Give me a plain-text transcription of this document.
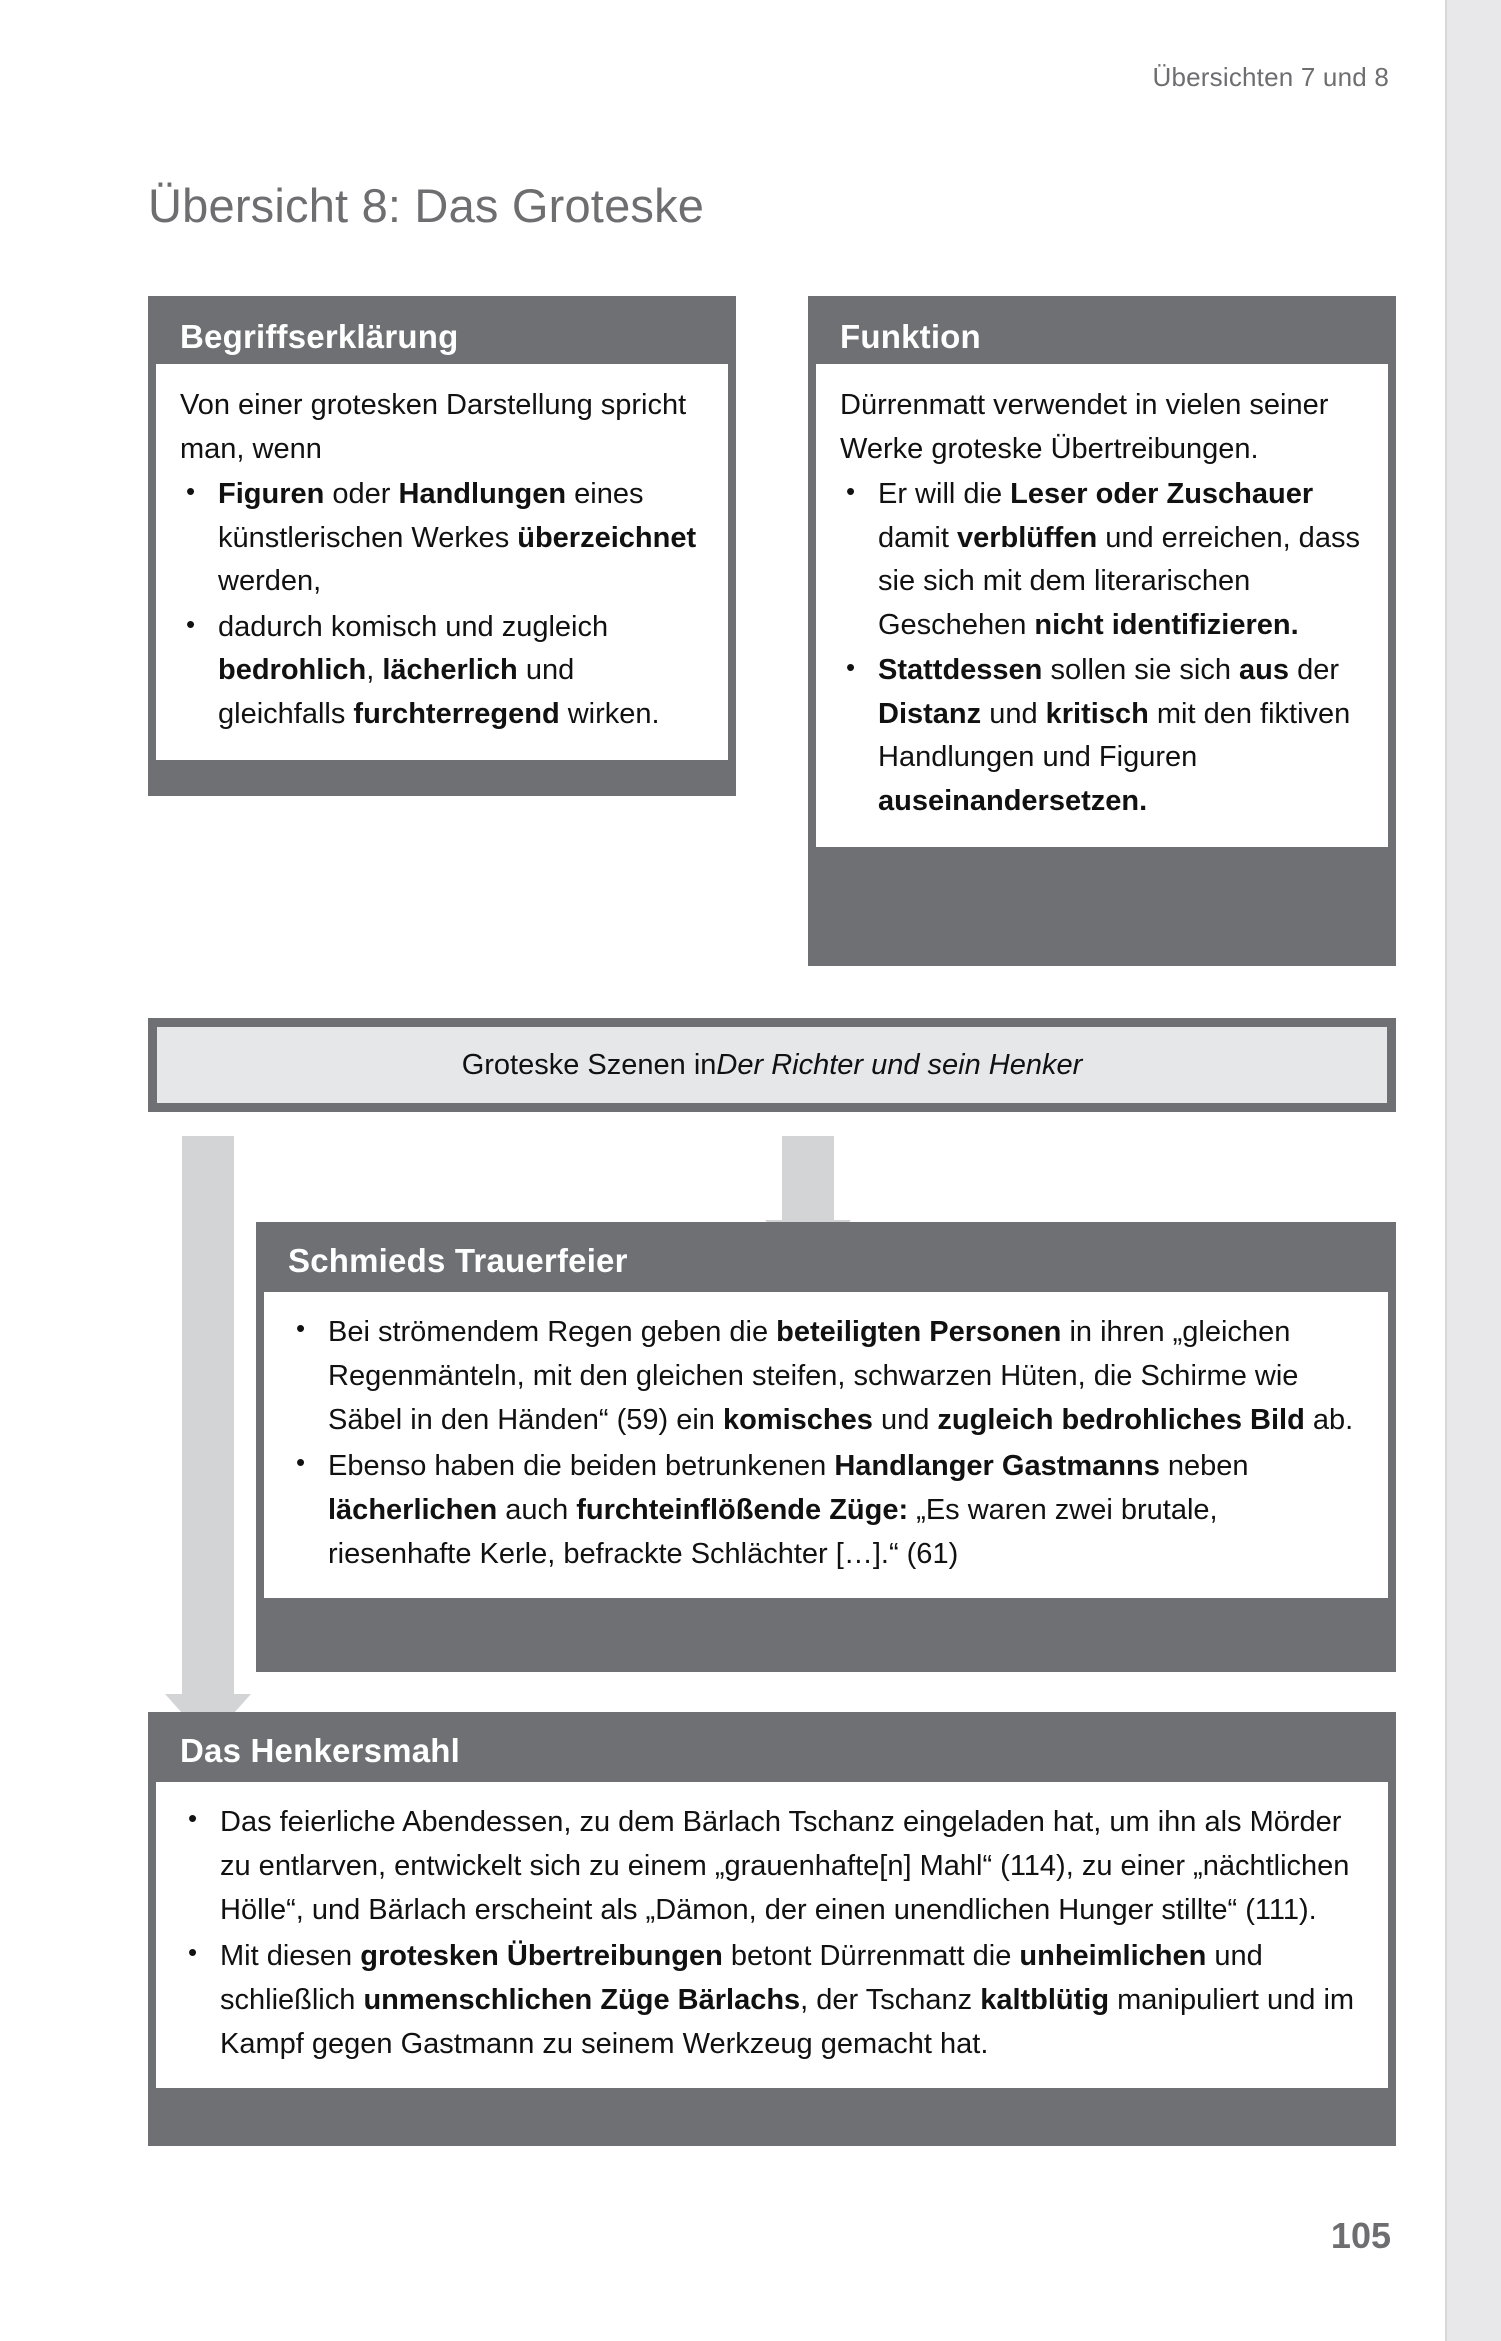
Übersichten 7 und 8
Übersicht 8: Das Groteske
Begriffserklärung

Von einer grotesken Darstellung spricht man, wenn

• Figuren oder Handlungen eines künstlerischen Werkes überzeichnet werden,
• dadurch komisch und zugleich bedrohlich, lächerlich und gleichfalls furchterregend wirken.
Funktion

Dürrenmatt verwendet in vielen seiner Werke groteske Übertreibungen.

• Er will die Leser oder Zuschauer damit verblüffen und erreichen, dass sie sich mit dem literarischen Geschehen nicht identifizieren.
• Stattdessen sollen sie sich aus der Distanz und kritisch mit den fiktiven Handlungen und Figuren auseinandersetzen.
Groteske Szenen in Der Richter und sein Henker
Schmieds Trauerfeier
• Bei strömendem Regen geben die beteiligten Personen in ihren „gleichen Regenmänteln, mit den gleichen steifen, schwarzen Hüten, die Schirme wie Säbel in den Händen“ (59) ein komisches und zugleich bedrohliches Bild ab.
• Ebenso haben die beiden betrunkenen Handlanger Gastmanns neben lächerlichen auch furchteinflößende Züge: „Es waren zwei brutale, riesenhafte Kerle, befrackte Schlächter […].“ (61)
Das Henkersmahl
• Das feierliche Abendessen, zu dem Bärlach Tschanz eingeladen hat, um ihn als Mörder zu entlarven, entwickelt sich zu einem „grauenhafte[n] Mahl“ (114), zu einer „nächtlichen Hölle“, und Bärlach erscheint als „Dämon, der einen unendlichen Hunger stillte“ (111).
• Mit diesen grotesken Übertreibungen betont Dürrenmatt die unheimlichen und schließlich unmenschlichen Züge Bärlachs, der Tschanz kaltblütig manipuliert und im Kampf gegen Gastmann zu seinem Werkzeug gemacht hat.
105
